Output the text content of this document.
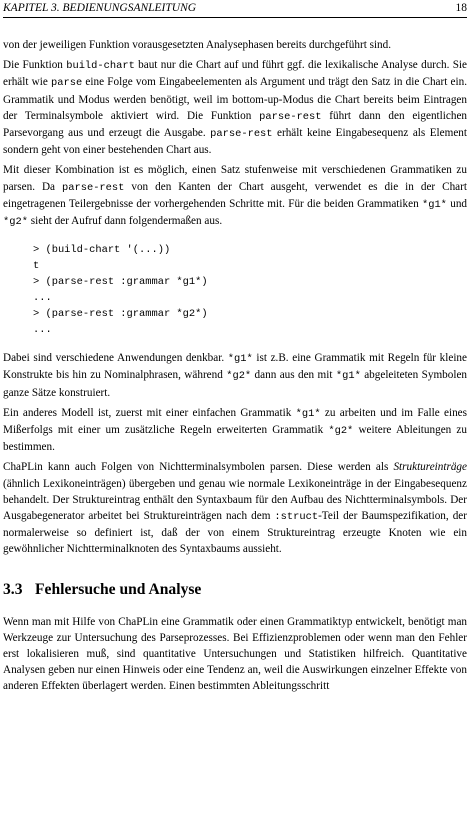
KAPITEL 3. BEDIENUNGSANLEITUNG	18

von der jeweiligen Funktion vorausgesetzten Analysephasen bereits durchgeführt sind.

Die Funktion build-chart baut nur die Chart auf und führt ggf. die lexikalische Analyse durch. Sie erhält wie parse eine Folge vom Eingabeelementen als Argument und trägt den Satz in die Chart ein. Grammatik und Modus werden benötigt, weil im bottom-up-Modus die Chart bereits beim Eintragen der Terminalsymbole aktiviert wird. Die Funktion parse-rest führt dann den eigentlichen Parsevorgang aus und erzeugt die Ausgabe. parse-rest erhält keine Eingabesequenz als Element sondern geht von einer bestehenden Chart aus.

Mit dieser Kombination ist es möglich, einen Satz stufenweise mit verschiedenen Grammatiken zu parsen. Da parse-rest von den Kanten der Chart ausgeht, verwendet es die in der Chart eingetragenen Teilergebnisse der vorhergehenden Schritte mit. Für die beiden Grammatiken *g1* und *g2* sieht der Aufruf dann folgendermaßen aus.

> (build-chart '(...))
t
> (parse-rest :grammar *g1*)
...
> (parse-rest :grammar *g2*)
...

Dabei sind verschiedene Anwendungen denkbar. *g1* ist z.B. eine Grammatik mit Regeln für kleine Konstrukte bis hin zu Nominalphrasen, während *g2* dann aus den mit *g1* abgeleiteten Symbolen ganze Sätze konstruiert.

Ein anderes Modell ist, zuerst mit einer einfachen Grammatik *g1* zu arbeiten und im Falle eines Mißerfolgs mit einer um zusätzliche Regeln erweiterten Grammatik *g2* weitere Ableitungen zu bestimmen.

ChaPLin kann auch Folgen von Nichtterminalsymbolen parsen. Diese werden als Struktureinträge (ähnlich Lexikoneinträgen) übergeben und genau wie normale Lexikoneinträge in der Eingabesequenz behandelt. Der Struktureintrag enthält den Syntaxbaum für den Aufbau des Nichtterminalsymbols. Der Ausgabegenerator arbeitet bei Struktureinträgen nach dem :struct-Teil der Baumspezifikation, der normalerweise so definiert ist, daß der von einem Struktureintrag erzeugte Knoten wie ein gewöhnlicher Nichtterminalknoten des Syntaxbaums aussieht.

3.3 Fehlersuche und Analyse

Wenn man mit Hilfe von ChaPLin eine Grammatik oder einen Grammatiktyp entwickelt, benötigt man Werkzeuge zur Untersuchung des Parseprozesses. Bei Effizienzproblemen oder wenn man den Fehler erst lokalisieren muß, sind quantitative Untersuchungen und Statistiken hilfreich. Quantitative Analysen geben nur einen Hinweis oder eine Tendenz an, weil die Auswirkungen einzelner Effekte von anderen Effekten überlagert werden. Einen bestimmten Ableitungsschritt
